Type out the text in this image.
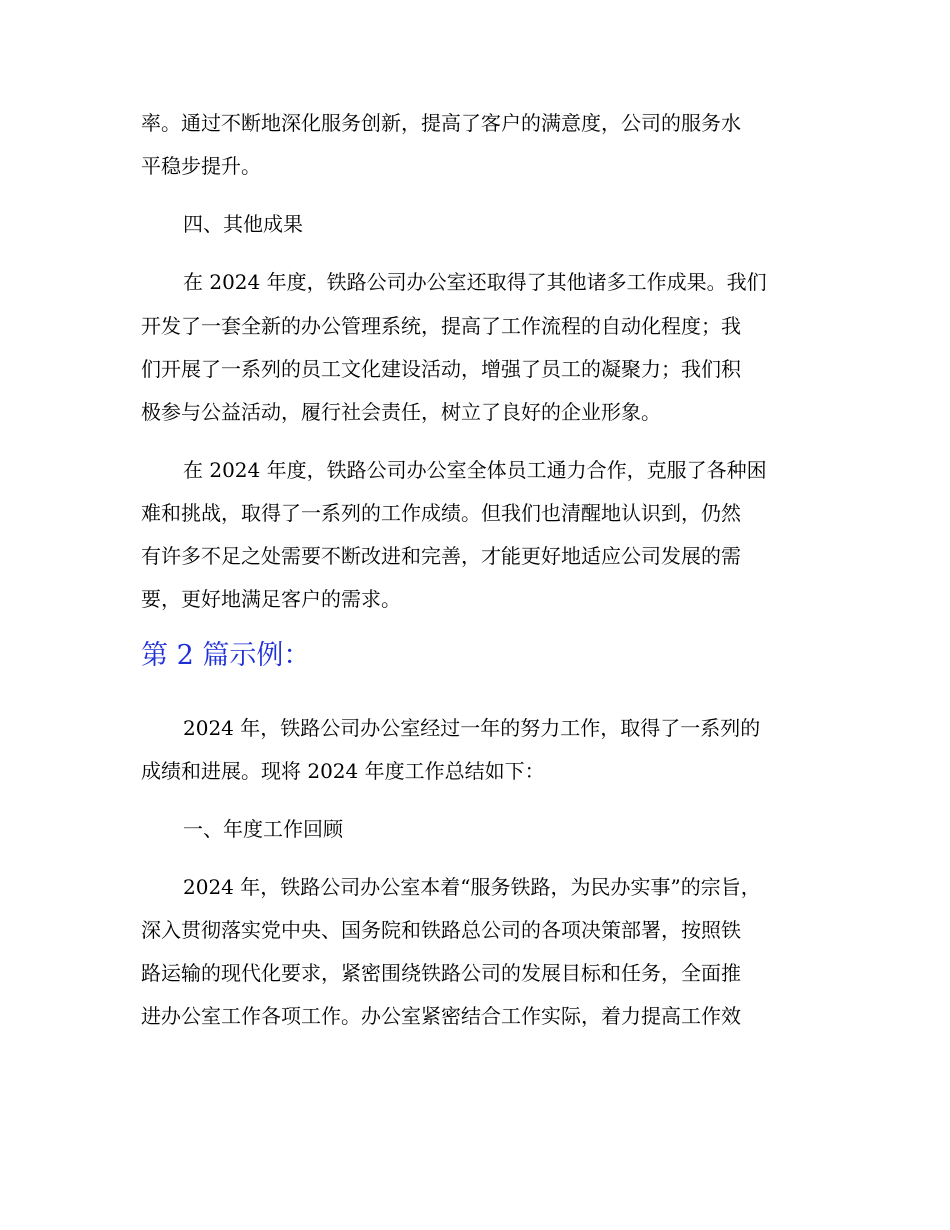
率。通过不断地深化服务创新，提高了客户的满意度，公司的服务水
平稳步提升。
四、其他成果
在 2024 年度，铁路公司办公室还取得了其他诸多工作成果。我们
开发了一套全新的办公管理系统，提高了工作流程的自动化程度；我
们开展了一系列的员工文化建设活动，增强了员工的凝聚力；我们积
极参与公益活动，履行社会责任，树立了良好的企业形象。
在 2024 年度，铁路公司办公室全体员工通力合作，克服了各种困
难和挑战，取得了一系列的工作成绩。但我们也清醒地认识到，仍然
有许多不足之处需要不断改进和完善，才能更好地适应公司发展的需
要，更好地满足客户的需求。
第 2 篇示例：
2024 年，铁路公司办公室经过一年的努力工作，取得了一系列的
成绩和进展。现将 2024 年度工作总结如下：
一、年度工作回顾
2024 年，铁路公司办公室本着“服务铁路，为民办实事”的宗旨，
深入贯彻落实党中央、国务院和铁路总公司的各项决策部署，按照铁
路运输的现代化要求，紧密围绕铁路公司的发展目标和任务，全面推
进办公室工作各项工作。办公室紧密结合工作实际，着力提高工作效
